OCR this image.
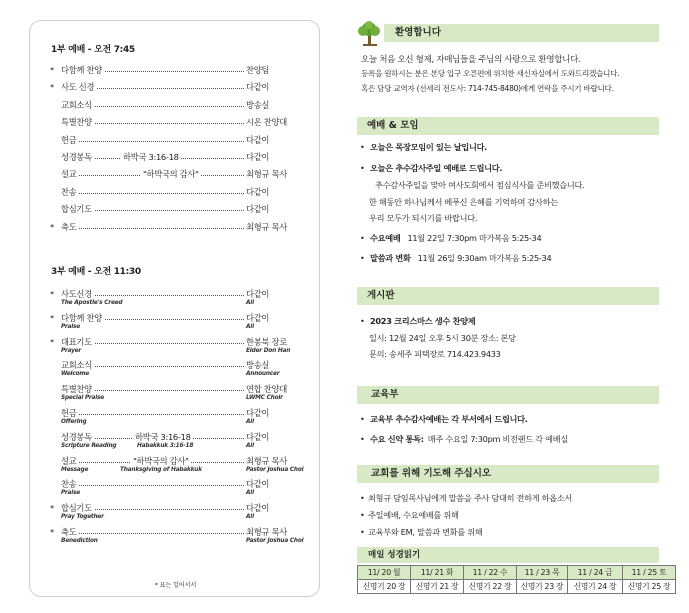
1부 예배 - 오전 7:45
* 다함께 찬양	찬양팀
* 사도 신경	다같이
교회소식	방송실
특별찬양	시온 찬양대
헌금	다같이
성경봉독	하박국 3:16-18	다같이
설교	"하박국의 감사"	최형규 목사
찬송	다같이
합심기도	다같이
* 축도	최형규 목사
3부 예배 - 오전 11:30
* 사도신경	다같이
The Apostle's Creed	All
* 다함께 찬양	다같이
Praise	All
* 대표기도	한봉북 장로
Prayer	Elder Don Han
교회소식	방송실
Welcome	Announcer
특별찬양	연합 찬양대
Special Praise	LWMC Choir
헌금	다같이
Offering	All
성경봉독	하박국 3:16-18	다같이
Scripture Reading	Habakkuk 3:16-18	All
설교	"하박국의 감사"	최형규 목사
Message	Thanksgiving of Habakkuk	Pastor Joshua Choi
찬송	다같이
Praise	All
* 합심기도	다같이
Pray Together	All
* 축도	최형규 목사
Benediction	Pastor Joshua Choi
* 표는 일어서서
환영합니다
오늘 처음 오신 형제, 자매님들을 주님의 사랑으로 환영합니다.
등록을 원하시는 분은 본당 입구 오른편에 위치한 새신자실에서 도와드리겠습니다.
혹은 담당 교역자 (선세리 전도사: 714-745-8480)에게 연락을 주시기 바랍니다.
예배 & 모임
• 오늘은 목장모임이 있는 날입니다.
• 오늘은 추수감사주일 예배로 드립니다.
추수감사주일을 맞아 여사도회에서 점심식사를 준비했습니다.
한 해동안 하나님께서 베푸신 은혜를 기억하며 감사하는
우리 모두가 되시기를 바랍니다.
• 수요예배 11월 22일 7:30pm 마가복음 5:25-34
• 말씀과 변화 11월 26일 9:30am 마가복음 5:25-34
게시판
• 2023 크리스마스 생수 찬양제
일시: 12월 24일 오후 5시 30분 장소: 본당
문의: 송세주 피택장로 714.423.9433
교육부
• 교육부 추수감사예배는 각 부서에서 드립니다.
• 수요 신약 통독: 매주 수요일 7:30pm 비전랜드 각 예배실
교회를 위해 기도해 주십시오
• 최형규 담임목사님에게 말씀을 주사 담대히 전하게 하옵소서
• 주일예배, 수요예배를 위해
• 교육부와 EM, 말씀과 변화를 위해
매일 성경읽기
11/ 20 월	11/ 21 화	11 / 22 수	11 / 23 목	11 / 24 금	11 / 25 토
신명기 20 장	신명기 21 장	신명기 22 장	신명기 23 장	신명기 24 장	신명기 25 장
